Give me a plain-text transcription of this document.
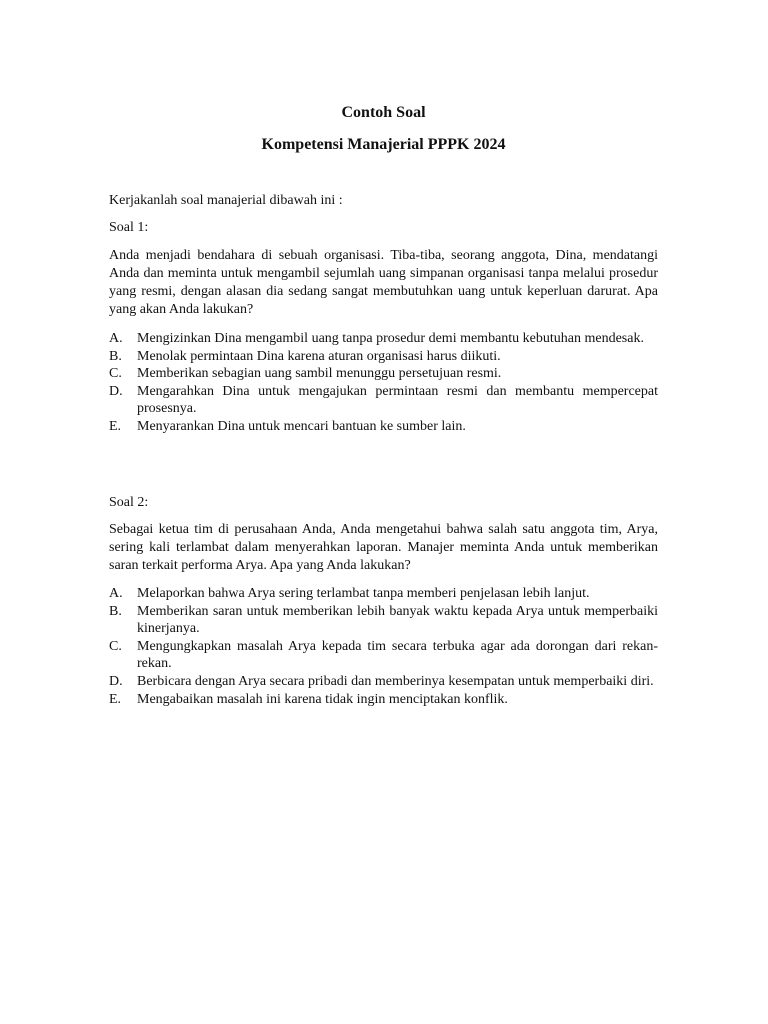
Contoh Soal
Kompetensi Manajerial PPPK 2024

Kerjakanlah soal manajerial dibawah ini :

Soal 1:

Anda menjadi bendahara di sebuah organisasi. Tiba-tiba, seorang anggota, Dina, mendatangi Anda dan meminta untuk mengambil sejumlah uang simpanan organisasi tanpa melalui prosedur yang resmi, dengan alasan dia sedang sangat membutuhkan uang untuk keperluan darurat. Apa yang akan Anda lakukan?

A.	Mengizinkan Dina mengambil uang tanpa prosedur demi membantu kebutuhan mendesak.
B.	Menolak permintaan Dina karena aturan organisasi harus diikuti.
C.	Memberikan sebagian uang sambil menunggu persetujuan resmi.
D.	Mengarahkan Dina untuk mengajukan permintaan resmi dan membantu mempercepat prosesnya.
E.	Menyarankan Dina untuk mencari bantuan ke sumber lain.

Soal 2:

Sebagai ketua tim di perusahaan Anda, Anda mengetahui bahwa salah satu anggota tim, Arya, sering kali terlambat dalam menyerahkan laporan. Manajer meminta Anda untuk memberikan saran terkait performa Arya. Apa yang Anda lakukan?

A.	Melaporkan bahwa Arya sering terlambat tanpa memberi penjelasan lebih lanjut.
B.	Memberikan saran untuk memberikan lebih banyak waktu kepada Arya untuk memperbaiki kinerjanya.
C.	Mengungkapkan masalah Arya kepada tim secara terbuka agar ada dorongan dari rekan-rekan.
D.	Berbicara dengan Arya secara pribadi dan memberinya kesempatan untuk memperbaiki diri.
E.	Mengabaikan masalah ini karena tidak ingin menciptakan konflik.
